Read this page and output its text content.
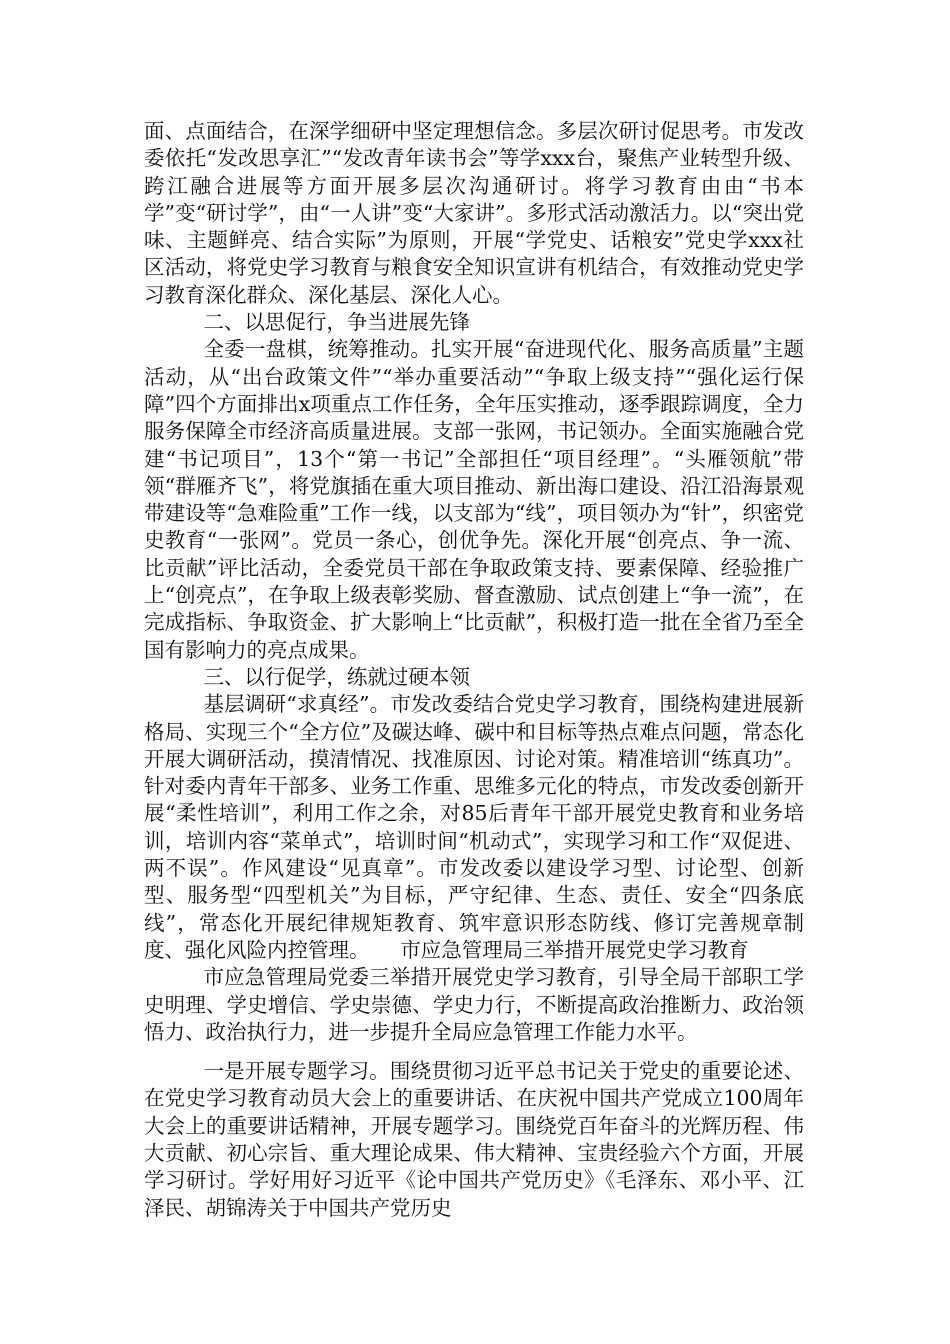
面、点面结合，在深学细研中坚定理想信念。多层次研讨促思考。市发改委依托“发改思享汇”“发改青年读书会”等学xxx台，聚焦产业转型升级、跨江融合进展等方面开展多层次沟通研讨。将学习教育由由“书本学”变“研讨学”，由“一人讲”变“大家讲”。多形式活动激活力。以“突出党味、主题鲜亮、结合实际”为原则，开展“学党史、话粮安”党史学xxx社区活动，将党史学习教育与粮食安全知识宣讲有机结合，有效推动党史学习教育深化群众、深化基层、深化人心。

二、以思促行，争当进展先锋

全委一盘棋，统筹推动。扎实开展“奋进现代化、服务高质量”主题活动，从“出台政策文件”“举办重要活动”“争取上级支持”“强化运行保障”四个方面排出x项重点工作任务，全年压实推动，逐季跟踪调度，全力服务保障全市经济高质量进展。支部一张网，书记领办。全面实施融合党建“书记项目”，13个“第一书记”全部担任“项目经理”。“头雁领航”带领“群雁齐飞”，将党旗插在重大项目推动、新出海口建设、沿江沿海景观带建设等“急难险重”工作一线，以支部为“线”，项目领办为“针”，织密党史教育“一张网”。党员一条心，创优争先。深化开展“创亮点、争一流、比贡献”评比活动，全委党员干部在争取政策支持、要素保障、经验推广上“创亮点”，在争取上级表彰奖励、督查激励、试点创建上“争一流”，在完成指标、争取资金、扩大影响上“比贡献”，积极打造一批在全省乃至全国有影响力的亮点成果。

三、以行促学，练就过硬本领

基层调研“求真经”。市发改委结合党史学习教育，围绕构建进展新格局、实现三个“全方位”及碳达峰、碳中和目标等热点难点问题，常态化开展大调研活动，摸清情况、找准原因、讨论对策。精准培训“练真功”。针对委内青年干部多、业务工作重、思维多元化的特点，市发改委创新开展“柔性培训”，利用工作之余，对85后青年干部开展党史教育和业务培训，培训内容“菜单式”，培训时间“机动式”，实现学习和工作“双促进、两不误”。作风建设“见真章”。市发改委以建设学习型、讨论型、创新型、服务型“四型机关”为目标，严守纪律、生态、责任、安全“四条底线”，常态化开展纪律规矩教育、筑牢意识形态防线、修订完善规章制度、强化风险内控管理。　　市应急管理局三举措开展党史学习教育

市应急管理局党委三举措开展党史学习教育，引导全局干部职工学史明理、学史增信、学史崇德、学史力行，不断提高政治推断力、政治领悟力、政治执行力，进一步提升全局应急管理工作能力水平。

一是开展专题学习。围绕贯彻习近平总书记关于党史的重要论述、在党史学习教育动员大会上的重要讲话、在庆祝中国共产党成立100周年大会上的重要讲话精神，开展专题学习。围绕党百年奋斗的光辉历程、伟大贡献、初心宗旨、重大理论成果、伟大精神、宝贵经验六个方面，开展学习研讨。学好用好习近平《论中国共产党历史》《毛泽东、邓小平、江泽民、胡锦涛关于中国共产党历史
